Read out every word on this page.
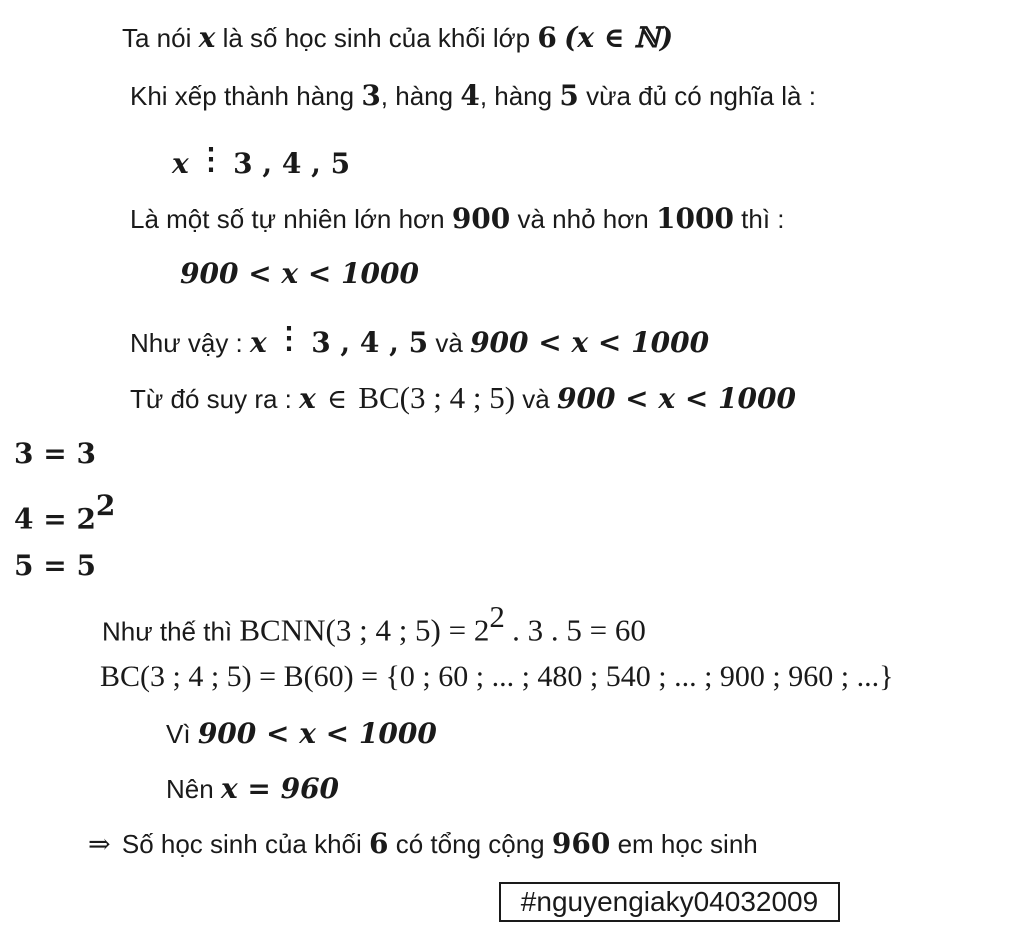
Ta nói x là số học sinh của khối lớp 6 (x ∈ ℕ)
Khi xếp thành hàng 3, hàng 4, hàng 5 vừa đủ có nghĩa là :
x ⋮ 3 , 4 , 5
Là một số tự nhiên lớn hơn 900 và nhỏ hơn 1000 thì :
900 < x < 1000
Như vậy : x ⋮ 3 , 4 , 5 và 900 < x < 1000
Từ đó suy ra : x ∈ BC(3 ; 4 ; 5) và 900 < x < 1000
3 = 3
$4 = 2^2$
5 = 5
Như thế thì BCNN(3 ; 4 ; $5) = 2^2$ . 3 . 5 = 60
BC(3 ; 4 ; 5) = B(60) = {0 ; 60 ; ... ; 480 ; 540 ; ... ; 900 ; 960 ; ...}
Vì 900 < x < 1000
Nên x = 960
⇒ Số học sinh của khối 6 có tổng cộng 960 em học sinh
#nguyengiaky04032009
